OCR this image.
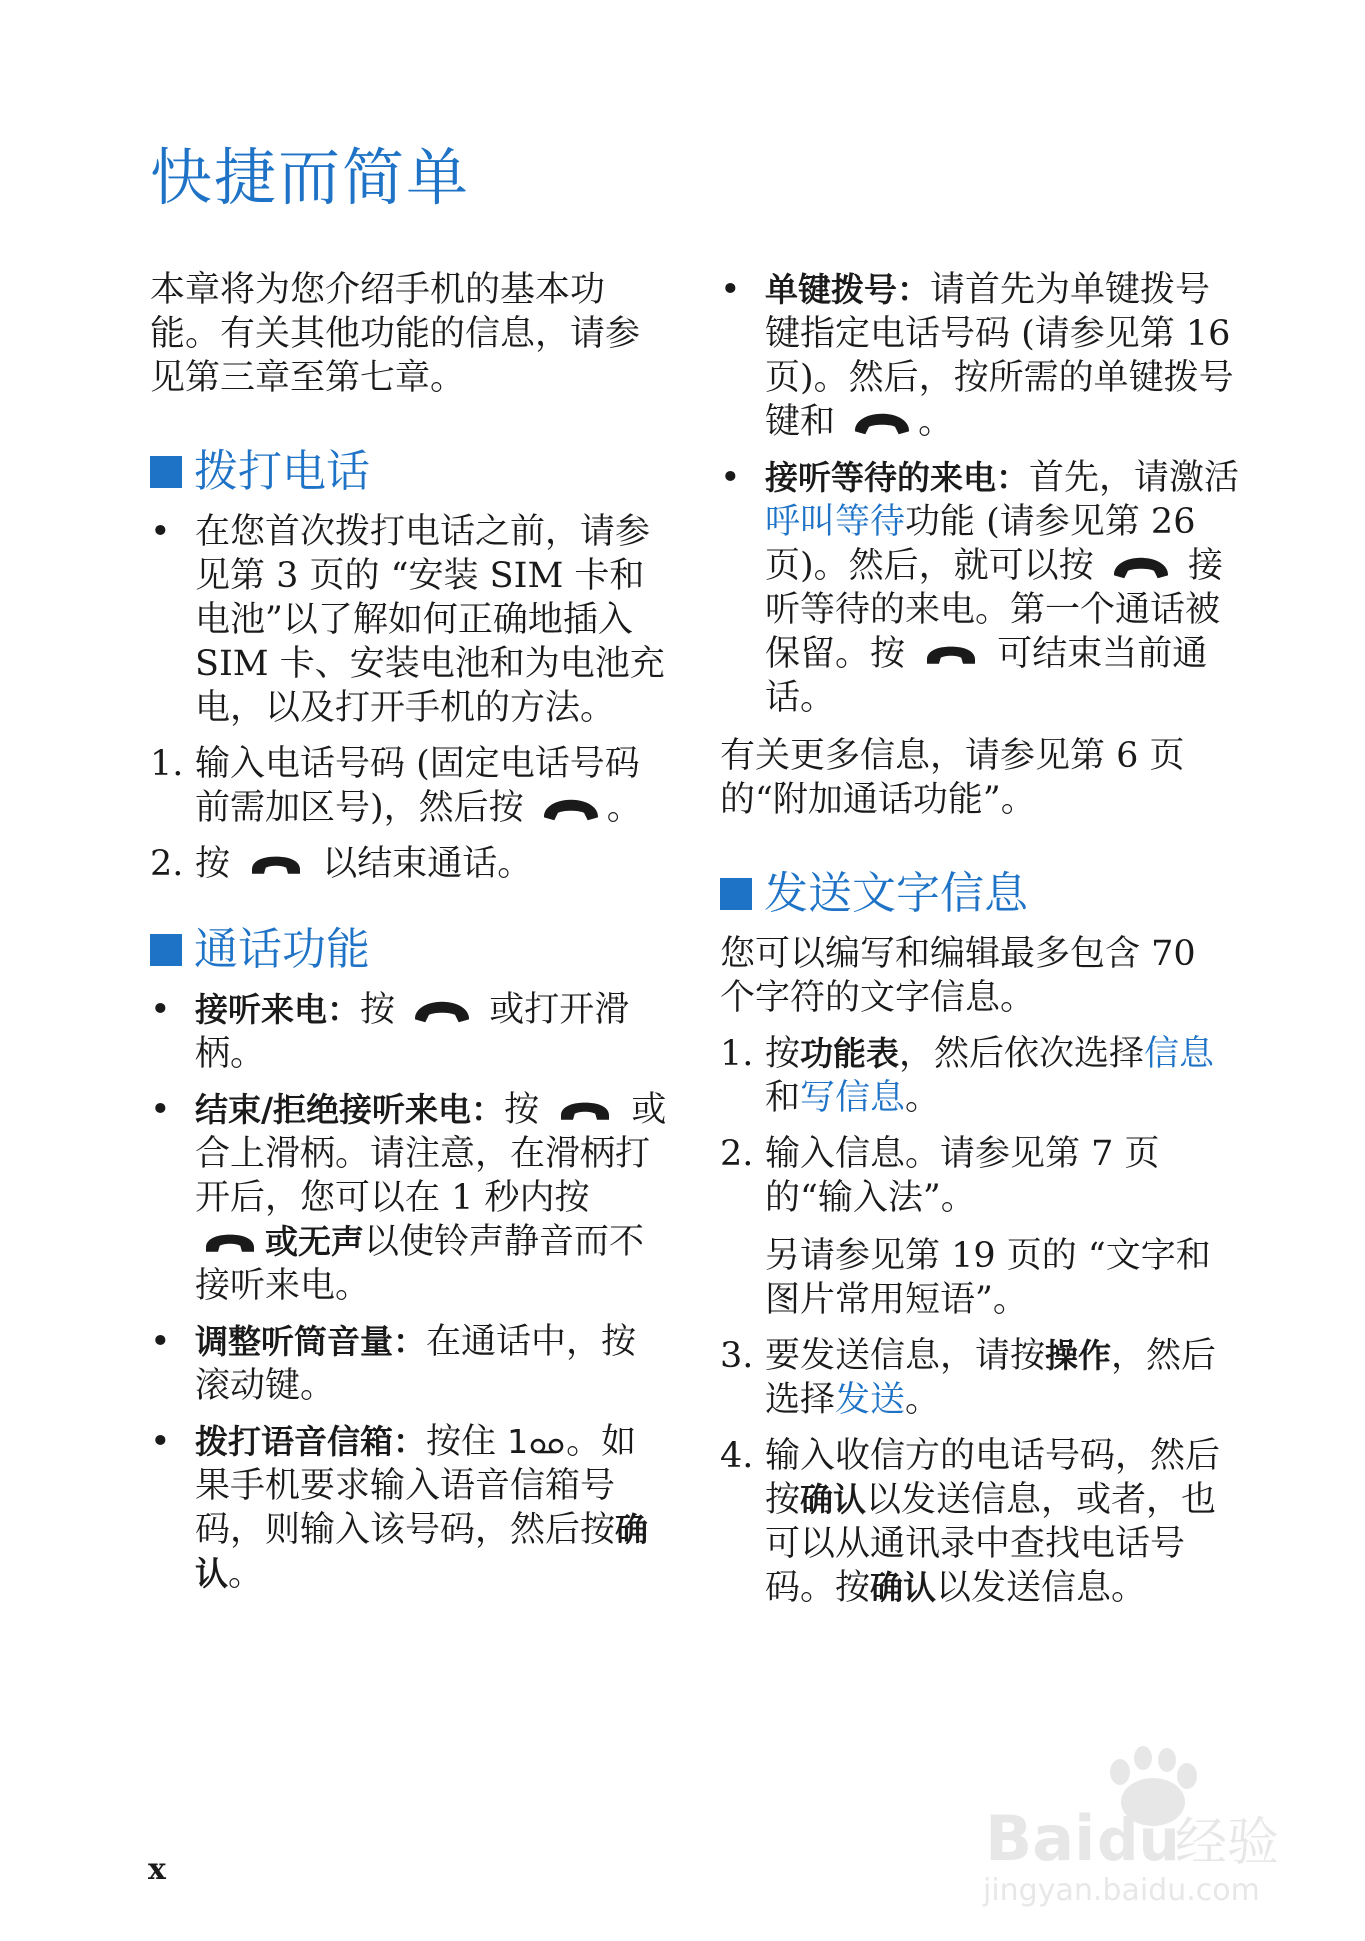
快捷而简单

本章将为您介绍手机的基本功能。有关其他功能的信息，请参见第三章至第七章。

拨打电话
• 在您首次拨打电话之前，请参见第 3 页的 “安装 SIM 卡和电池”以了解如何正确地插入 SIM 卡、安装电池和为电池充电，以及打开手机的方法。
1. 输入电话号码 (固定电话号码前需加区号)，然后按 。
2. 按	以结束通话。
通话功能
• 接听来电：按	或打开滑柄。
• 结束/拒绝接听来电：按	或合上滑柄。请注意，在滑柄打开后，您可以在 1 秒内按 或无声以使铃声静音而不接听来电。
• 调整听筒音量：在通话中，按滚动键。
• 拨打语音信箱：按住 1 。如果手机要求输入语音信箱号码，则输入该号码，然后按确认。
• 单键拨号：请首先为单键拨号键指定电话号码 (请参见第 16 页)。然后，按所需的单键拨号键和 。
• 接听等待的来电：首先，请激活呼叫等待功能 (请参见第 26 页)。然后，就可以按	接听等待的来电。第一个通话被保留。按	可结束当前通话。

有关更多信息，请参见第 6 页的“附加通话功能”。

发送文字信息

您可以编写和编辑最多包含 70 个字符的文字信息。

1. 按功能表，然后依次选择信息和写信息。
2. 输入信息。请参见第 7 页的“输入法”。

另请参见第 19 页的 “文字和图片常用短语”。

3. 要发送信息，请按操作，然后选择发送。
4. 输入收信方的电话号码，然后按确认以发送信息，或者，也可以从通讯录中查找电话号码。按确认以发送信息。
x	Bai du
经验
jingyan.baidu.com
